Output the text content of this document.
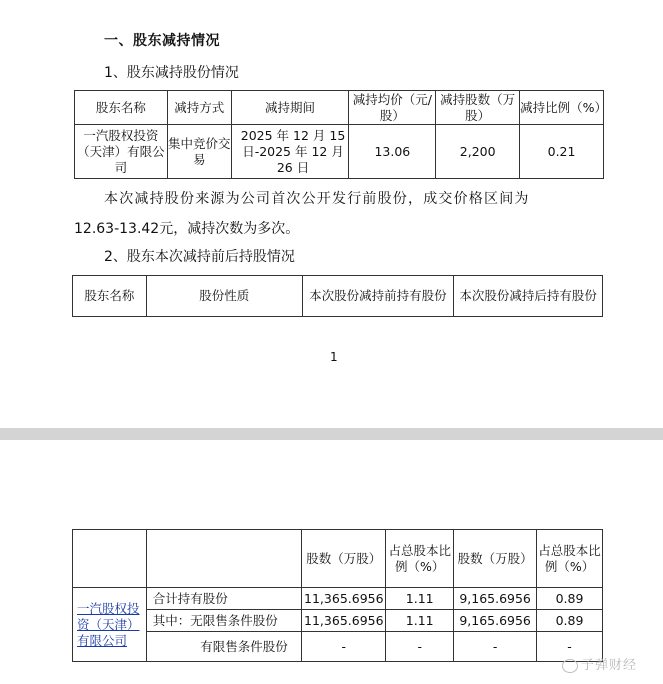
一、股东减持情况
1、股东减持股份情况
股东名称	减持方式	减持期间	减持均价（元/股）	减持股数（万股）	减持比例（%）
一汽股权投资（天津）有限公司	集中竞价交易	2025 年 12 月 15 日-2025 年 12 月 26 日	13.06	2,200	0.21
本次减持股份来源为公司首次公开发行前股份，成交价格区间为
12.63-13.42元，减持次数为多次。
2、股东本次减持前后持股情况
股东名称	股份性质	本次股份减持前持有股份	本次股份减持后持有股份
1
		股数（万股）	占总股本比例（%）	股数（万股）	占总股本比例（%）
一汽股权投资（天津）有限公司	合计持有股份	11,365.6956	1.11	9,165.6956	0.89
	其中：无限售条件股份	11,365.6956	1.11	9,165.6956	0.89
	有限售条件股份	-	-	-	-
子弹财经
